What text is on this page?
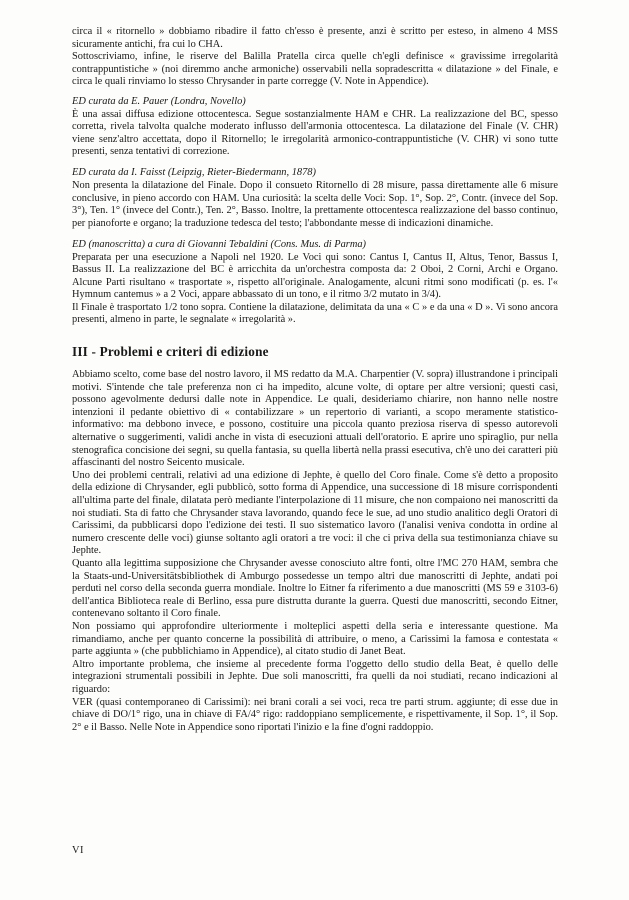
circa il « ritornello » dobbiamo ribadire il fatto ch'esso è presente, anzi è scritto per esteso, in almeno 4 MSS sicuramente antichi, fra cui lo CHA.

Sottoscriviamo, infine, le riserve del Balilla Pratella circa quelle ch'egli definisce « gravissime irregolarità contrappuntistiche » (noi diremmo anche armoniche) osservabili nella sopradescritta « dilatazione » del Finale, e circa le quali rinviamo lo stesso Chrysander in parte corregge (V. Note in Appendice).

ED curata da E. Pauer (Londra, Novello)

È una assai diffusa edizione ottocentesca. Segue sostanzialmente HAM e CHR. La realizzazione del BC, spesso corretta, rivela talvolta qualche moderato influsso dell'armonia ottocentesca. La dilatazione del Finale (V. CHR) viene senz'altro accettata, dopo il Ritornello; le irregolarità armonico-contrappuntistiche (V. CHR) vi sono tutte presenti, senza tentativi di correzione.

ED curata da I. Faisst (Leipzig, Rieter-Biedermann, 1878)

Non presenta la dilatazione del Finale. Dopo il consueto Ritornello di 28 misure, passa direttamente alle 6 misure conclusive, in pieno accordo con HAM. Una curiosità: la scelta delle Voci: Sop. 1°, Sop. 2°, Contr. (invece del Sop. 3°), Ten. 1° (invece del Contr.), Ten. 2°, Basso. Inoltre, la prettamente ottocentesca realizzazione del basso continuo, per pianoforte e organo; la traduzione tedesca del testo; l'abbondante messe di indicazioni dinamiche.

ED (manoscritta) a cura di Giovanni Tebaldini (Cons. Mus. di Parma)

Preparata per una esecuzione a Napoli nel 1920. Le Voci qui sono: Cantus I, Cantus II, Altus, Tenor, Bassus I, Bassus II. La realizzazione del BC è arricchita da un'orchestra composta da: 2 Oboi, 2 Corni, Archi e Organo. Alcune Parti risultano « trasportate », rispetto all'originale. Analogamente, alcuni ritmi sono modificati (p. es. l'« Hymnum cantemus » a 2 Voci, appare abbassato di un tono, e il ritmo 3/2 mutato in 3/4).

Il Finale è trasportato 1/2 tono sopra. Contiene la dilatazione, delimitata da una « C » e da una « D ». Vi sono ancora presenti, almeno in parte, le segnalate « irregolarità ».

III - Problemi e criteri di edizione

Abbiamo scelto, come base del nostro lavoro, il MS redatto da M.A. Charpentier (V. sopra) illustrandone i principali motivi. S'intende che tale preferenza non ci ha impedito, alcune volte, di optare per altre versioni; questi casi, possono agevolmente dedursi dalle note in Appendice. Le quali, desideriamo chiarire, non hanno nelle nostre intenzioni il pedante obiettivo di « contabilizzare » un repertorio di varianti, a scopo meramente statistico-informativo: ma debbono invece, e possono, costituire una piccola quanto preziosa riserva di spesso autorevoli alternative o suggerimenti, validi anche in vista di esecuzioni attuali dell'oratorio. E aprire uno spiraglio, pur nella stenografica concisione dei segni, su quella fantasia, su quella libertà nella prassi esecutiva, ch'è uno dei caratteri più affascinanti del nostro Seicento musicale.

Uno dei problemi centrali, relativi ad una edizione di Jephte, è quello del Coro finale. Come s'è detto a proposito della edizione di Chrysander, egli pubblicò, sotto forma di Appendice, una successione di 18 misure corrispondenti all'ultima parte del finale, dilatata però mediante l'interpolazione di 11 misure, che non compaiono nei manoscritti da noi studiati. Sta di fatto che Chrysander stava lavorando, quando fece le sue, ad uno studio analitico degli Oratori di Carissimi, da pubblicarsi dopo l'edizione dei testi. Il suo sistematico lavoro (l'analisi veniva condotta in ordine al numero crescente delle voci) giunse soltanto agli oratori a tre voci: il che ci priva della sua testimonianza chiave su Jephte.

Quanto alla legittima supposizione che Chrysander avesse conosciuto altre fonti, oltre l'MC 270 HAM, sembra che la Staats-und-Universitätsbibliothek di Amburgo possedesse un tempo altri due manoscritti di Jephte, andati poi perduti nel corso della seconda guerra mondiale. Inoltre lo Eitner fa riferimento a due manoscritti (MS 59 e 3103-6) dell'antica Biblioteca reale di Berlino, essa pure distrutta durante la guerra. Questi due manoscritti, secondo Eitner, contenevano soltanto il Coro finale.

Non possiamo qui approfondire ulteriormente i molteplici aspetti della seria e interessante questione. Ma rimandiamo, anche per quanto concerne la possibilità di attribuire, o meno, a Carissimi la famosa e contestata « parte aggiunta » (che pubblichiamo in Appendice), al citato studio di Janet Beat.

Altro importante problema, che insieme al precedente forma l'oggetto dello studio della Beat, è quello delle integrazioni strumentali possibili in Jephte. Due soli manoscritti, fra quelli da noi studiati, recano indicazioni al riguardo:

VER (quasi contemporaneo di Carissimi): nei brani corali a sei voci, reca tre parti strum. aggiunte; di esse due in chiave di DO/1° rigo, una in chiave di FA/4° rigo: raddoppiano semplicemente, e rispettivamente, il Sop. 1°, il Sop. 2° e il Basso. Nelle Note in Appendice sono riportati l'inizio e la fine d'ogni raddoppio.

VI
